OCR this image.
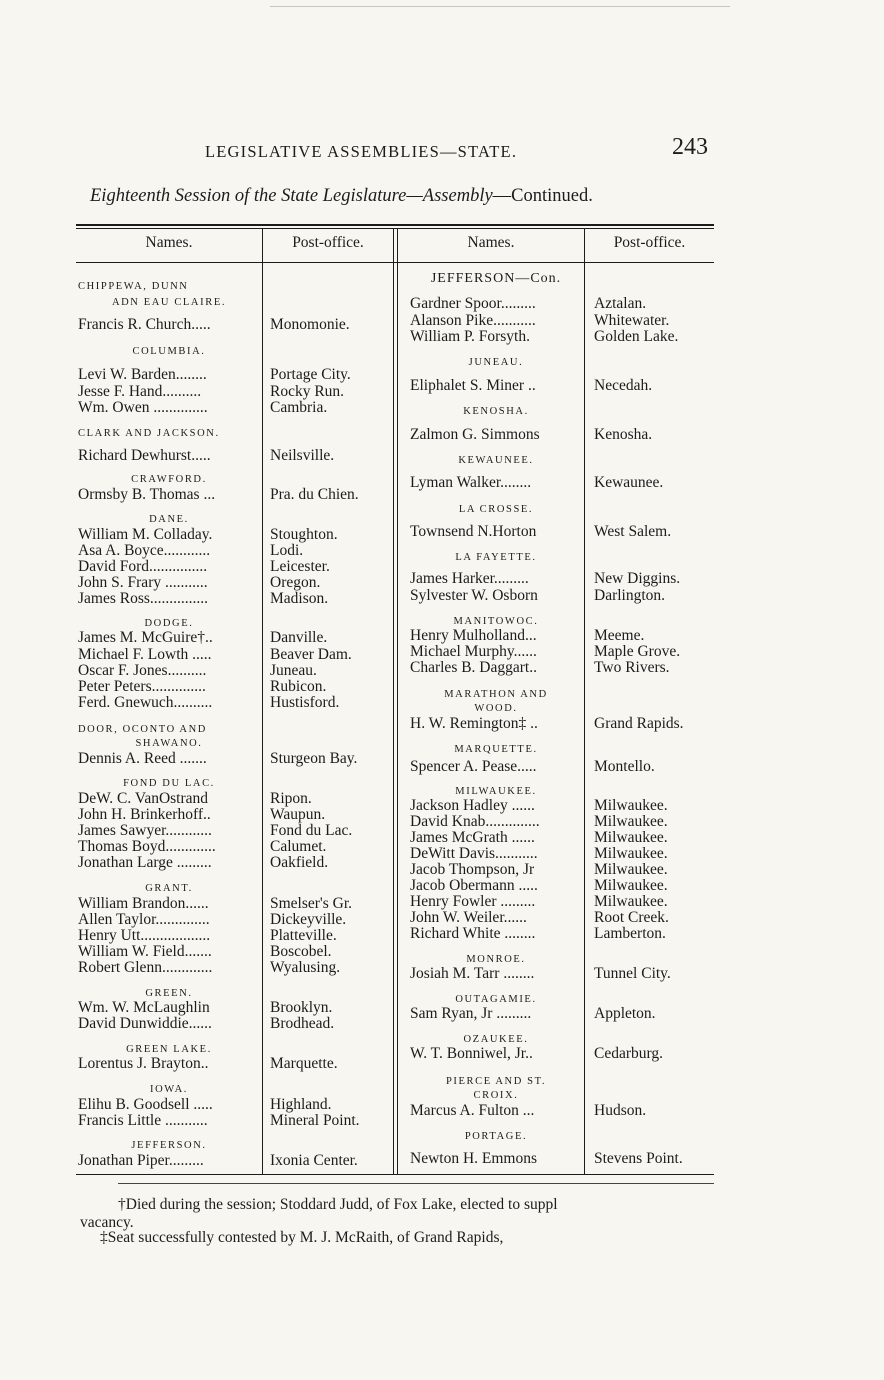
LEGISLATIVE ASSEMBLIES—STATE.	243
Eighteenth Session of the State Legislature—Assembly—Continued.
Names.	Post-office.	Names.	Post-office.
CHIPPEWA, DUNN
ADN EAU CLAIRE.
Francis R. Church.....	Monomonie.
COLUMBIA.
Levi W. Barden........	Portage City.
Jesse F. Hand..........	Rocky Run.
Wm. Owen ..............	Cambria.
CLARK AND JACKSON.
Richard Dewhurst.....	Neilsville.
CRAWFORD.
Ormsby B. Thomas ...	Pra. du Chien.
DANE.
William M. Colladay.	Stoughton.
Asa A. Boyce............	Lodi.
David Ford...............	Leicester.
John S. Frary ...........	Oregon.
James Ross...............	Madison.
DODGE.
James M. McGuire†..	Danville.
Michael F. Lowth .....	Beaver Dam.
Oscar F. Jones..........	Juneau.
Peter Peters..............	Rubicon.
Ferd. Gnewuch..........	Hustisford.
DOOR, OCONTO AND
SHAWANO.
Dennis A. Reed .......	Sturgeon Bay.
FOND DU LAC.
DeW. C. VanOstrand	Ripon.
John H. Brinkerhoff..	Waupun.
James Sawyer............	Fond du Lac.
Thomas Boyd.............	Calumet.
Jonathan Large .........	Oakfield.
GRANT.
William Brandon......	Smelser's Gr.
Allen Taylor..............	Dickeyville.
Henry Utt..................	Platteville.
William W. Field.......	Boscobel.
Robert Glenn.............	Wyalusing.
GREEN.
Wm. W. McLaughlin	Brooklyn.
David Dunwiddie......	Brodhead.
GREEN LAKE.
Lorentus J. Brayton..	Marquette.
IOWA.
Elihu B. Goodsell .....	Highland.
Francis Little ...........	Mineral Point.
JEFFERSON.
Jonathan Piper.........	Ixonia Center.
JEFFERSON—Con.
Gardner Spoor.........	Aztalan.
Alanson Pike...........	Whitewater.
William P. Forsyth.	Golden Lake.
JUNEAU.
Eliphalet S. Miner ..	Necedah.
KENOSHA.
Zalmon G. Simmons	Kenosha.
KEWAUNEE.
Lyman Walker........	Kewaunee.
LA CROSSE.
Townsend N.Horton	West Salem.
LA FAYETTE.
James Harker.........	New Diggins.
Sylvester W. Osborn	Darlington.
MANITOWOC.
Henry Mulholland...	Meeme.
Michael Murphy......	Maple Grove.
Charles B. Daggart..	Two Rivers.
MARATHON AND
WOOD.
H. W. Remington‡ ..	Grand Rapids.
MARQUETTE.
Spencer A. Pease.....	Montello.
MILWAUKEE.
Jackson Hadley ......	Milwaukee.
David Knab..............	Milwaukee.
James McGrath ......	Milwaukee.
DeWitt Davis...........	Milwaukee.
Jacob Thompson, Jr	Milwaukee.
Jacob Obermann .....	Milwaukee.
Henry Fowler .........	Milwaukee.
John W. Weiler......	Root Creek.
Richard White ........	Lamberton.
MONROE.
Josiah M. Tarr ........	Tunnel City.
OUTAGAMIE.
Sam Ryan, Jr .........	Appleton.
OZAUKEE.
W. T. Bonniwel, Jr..	Cedarburg.
PIERCE AND ST.
CROIX.
Marcus A. Fulton ...	Hudson.
PORTAGE.
Newton H. Emmons	Stevens Point.
†Died during the session; Stoddard Judd, of Fox Lake, elected to suppl
vacancy.
‡Seat successfully contested by M. J. McRaith, of Grand Rapids,
